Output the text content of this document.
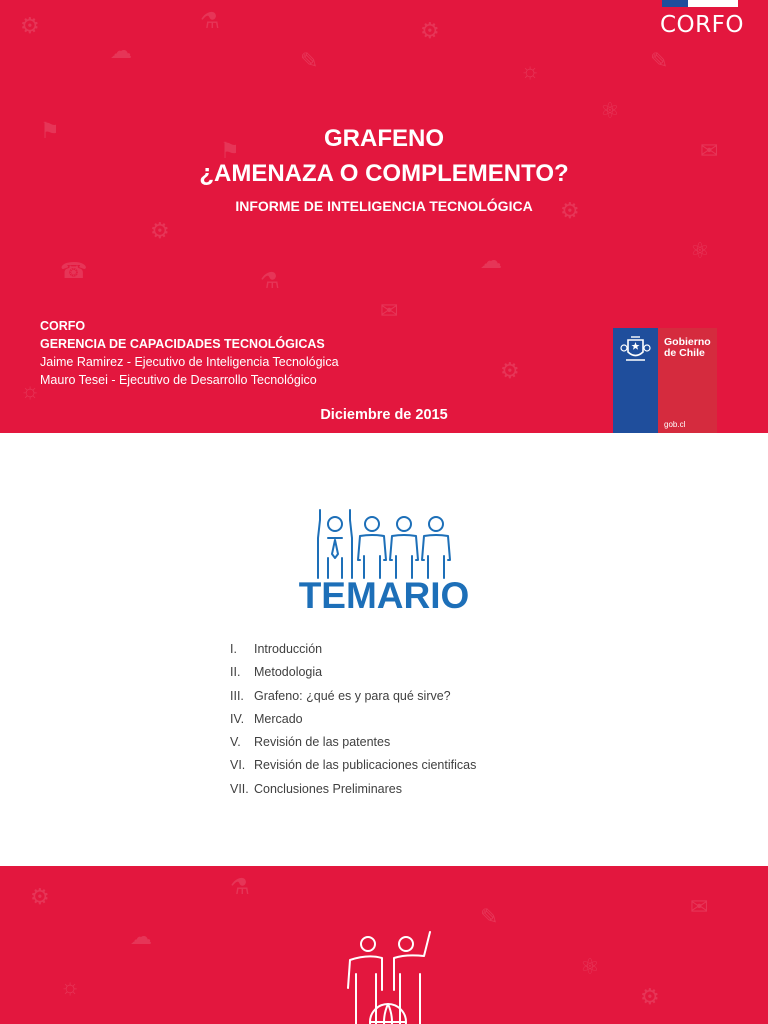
⚙
☁
⚗
✎
⚙
☼
⚛
✉
⚑
⚙
☎	⚗
✉
☁
⚙
⚛
⚙
☼
⚑
✎
CORFO
GRAFENO
¿AMENAZA O COMPLEMENTO?
INFORME DE INTELIGENCIA TECNOLÓGICA
CORFO
GERENCIA DE CAPACIDADES TECNOLÓGICAS
Jaime Ramirez - Ejecutivo de Inteligencia Tecnológica
Mauro Tesei - Ejecutivo de Desarrollo Tecnológico
Diciembre de 2015
Gobierno
de Chile
gob.cl
TEMARIO
I.	Introducción
II.	Metodologia
III. Grafeno: ¿qué es y para qué sirve?
IV. Mercado
V.	Revisión de las patentes
VI. Revisión de las publicaciones cientificas
VII. Conclusiones Preliminares
⚙
☁
⚗
✎
⚛
✉
☼	⚙
